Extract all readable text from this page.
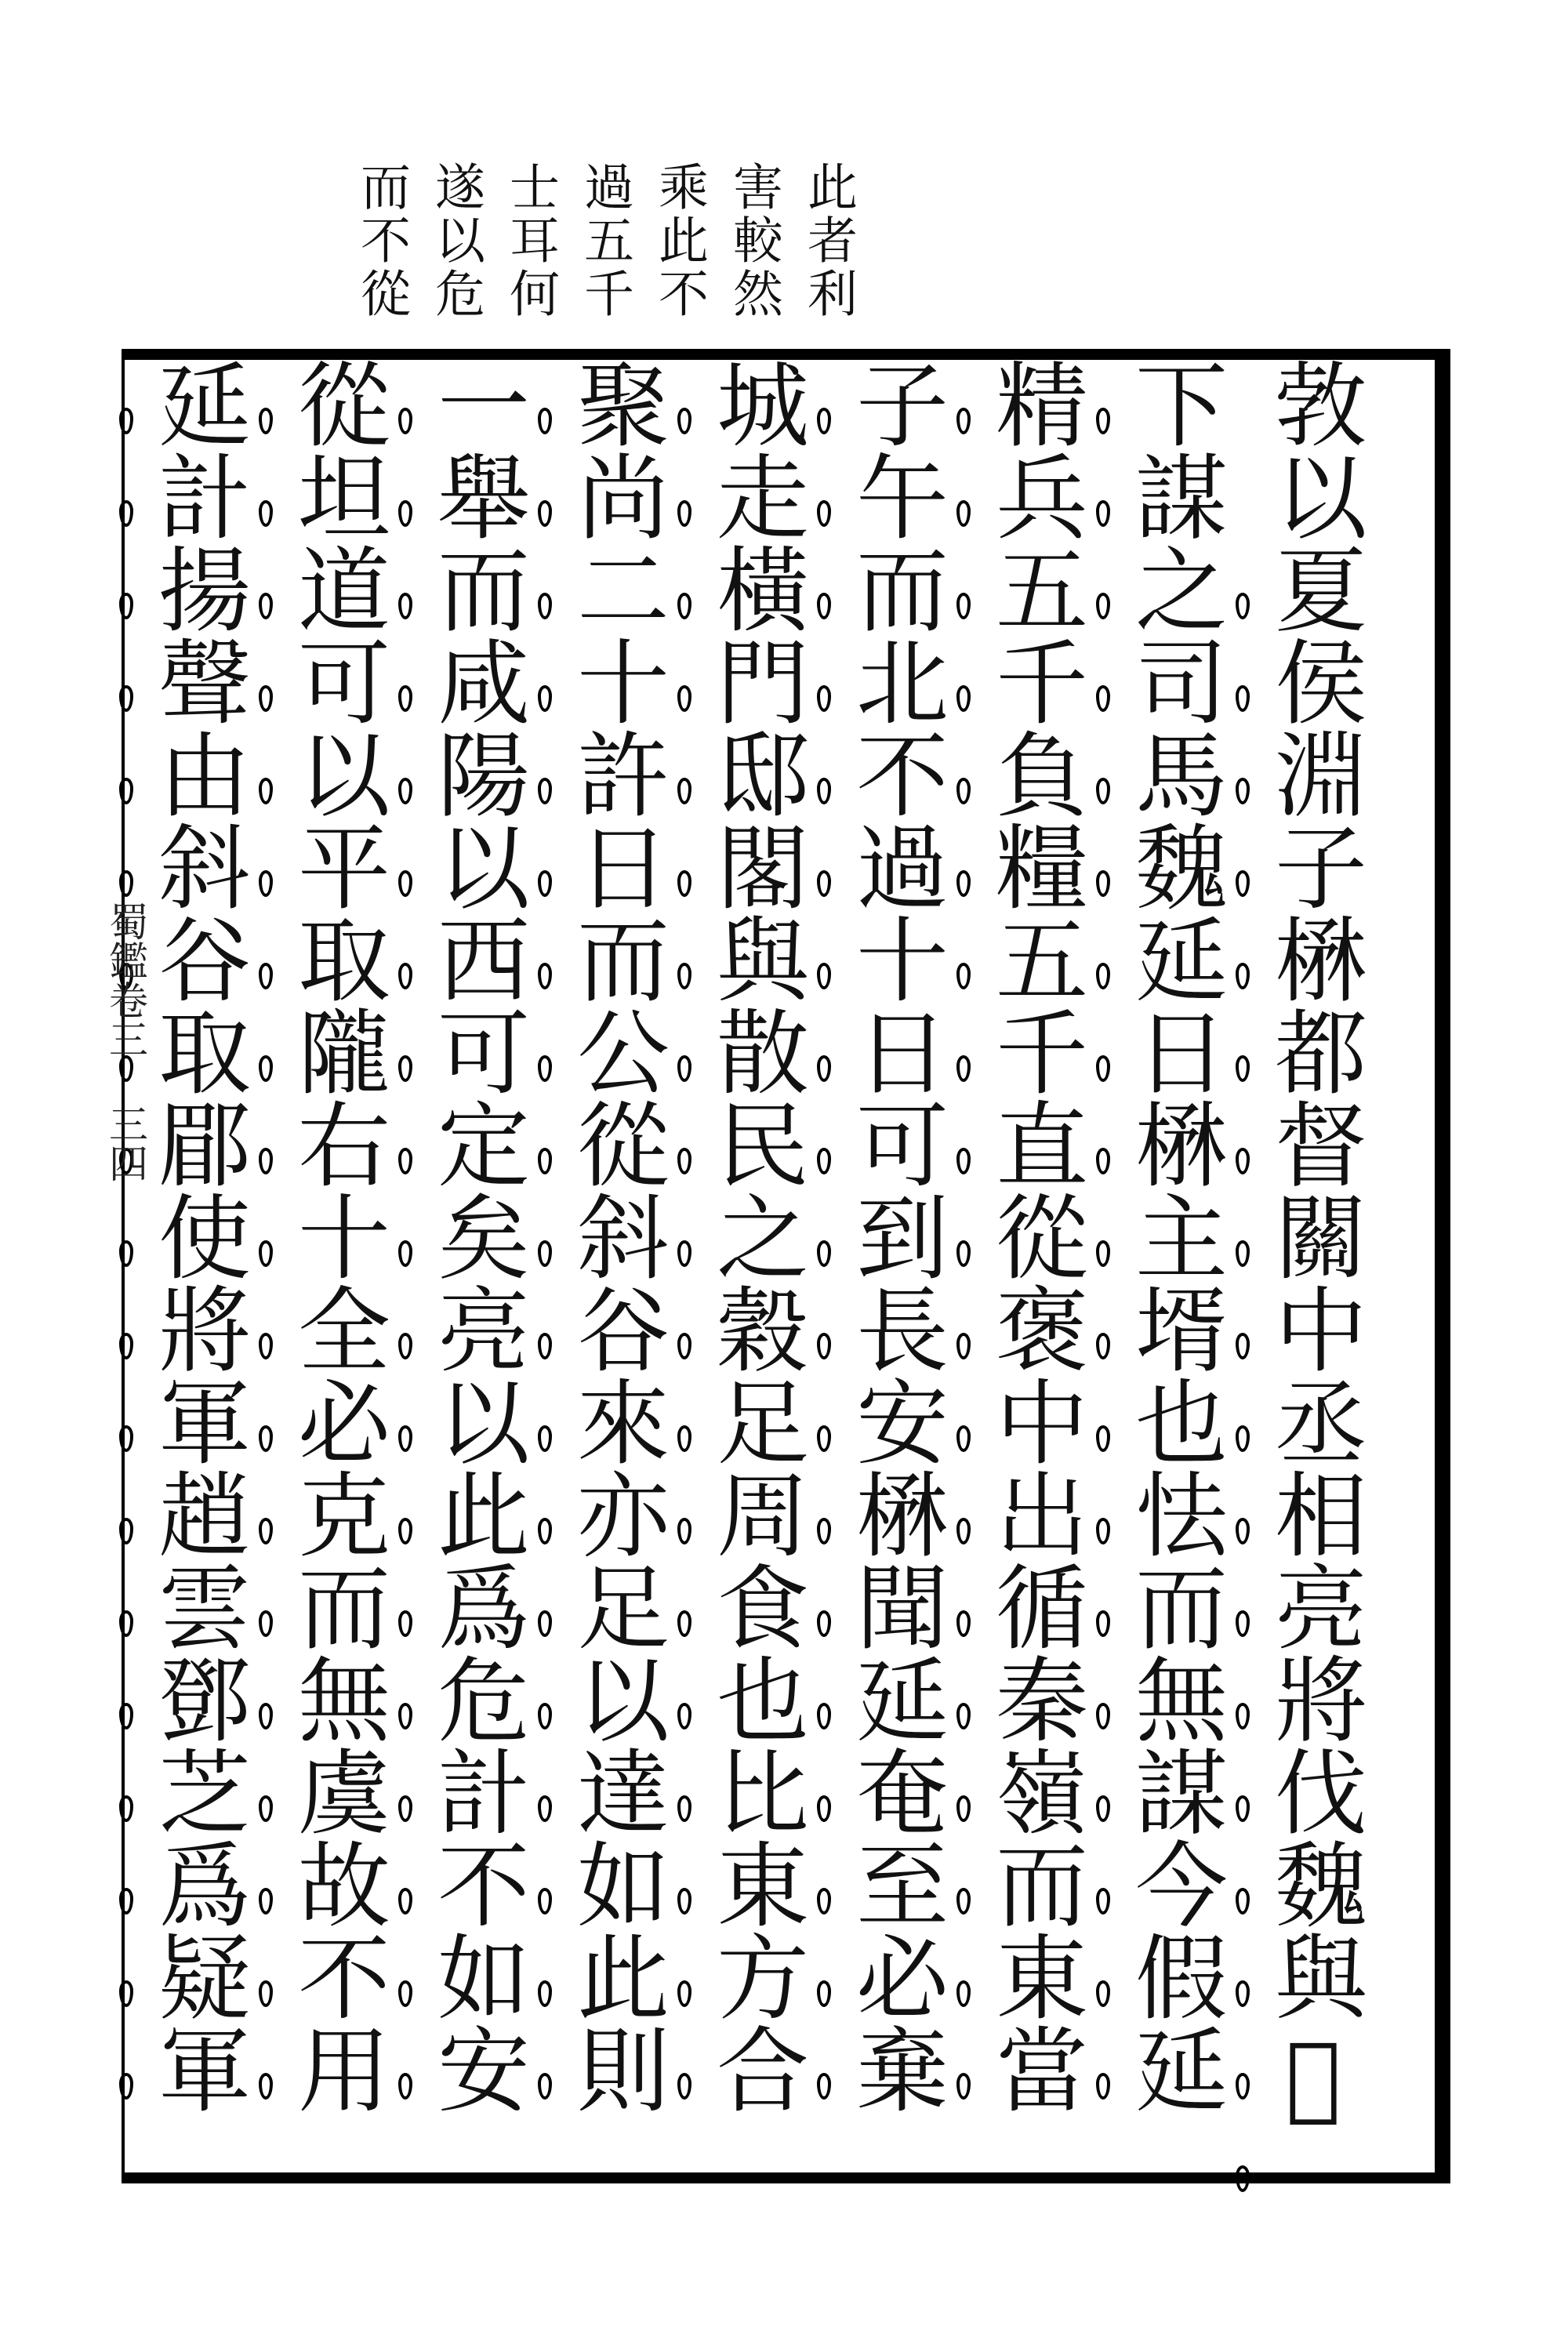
此者利
害較然
乘此不
過五千
士耳何
遂以危
而不從
㪍以夏侯淵子楙都督關中丞相亮將伐魏與𦒿
下謀之司馬魏延日楙主壻也怯而無謀今假延
精兵五千負糧五千直從褒中出循秦嶺而東當
子午而北不過十日可到長安楙聞延奄至必棄
城走橫門邸閣與散民之穀足周食也比東方合
聚尚二十許日而公從斜谷來亦足以達如此則
一舉而咸陽以西可定矣亮以此爲危計不如安
從坦道可以平取隴右十全必克而無虞故不用
延計揚聲由斜谷取郿使將軍趙雲鄧芝爲疑軍
蜀鑑卷三 三四
